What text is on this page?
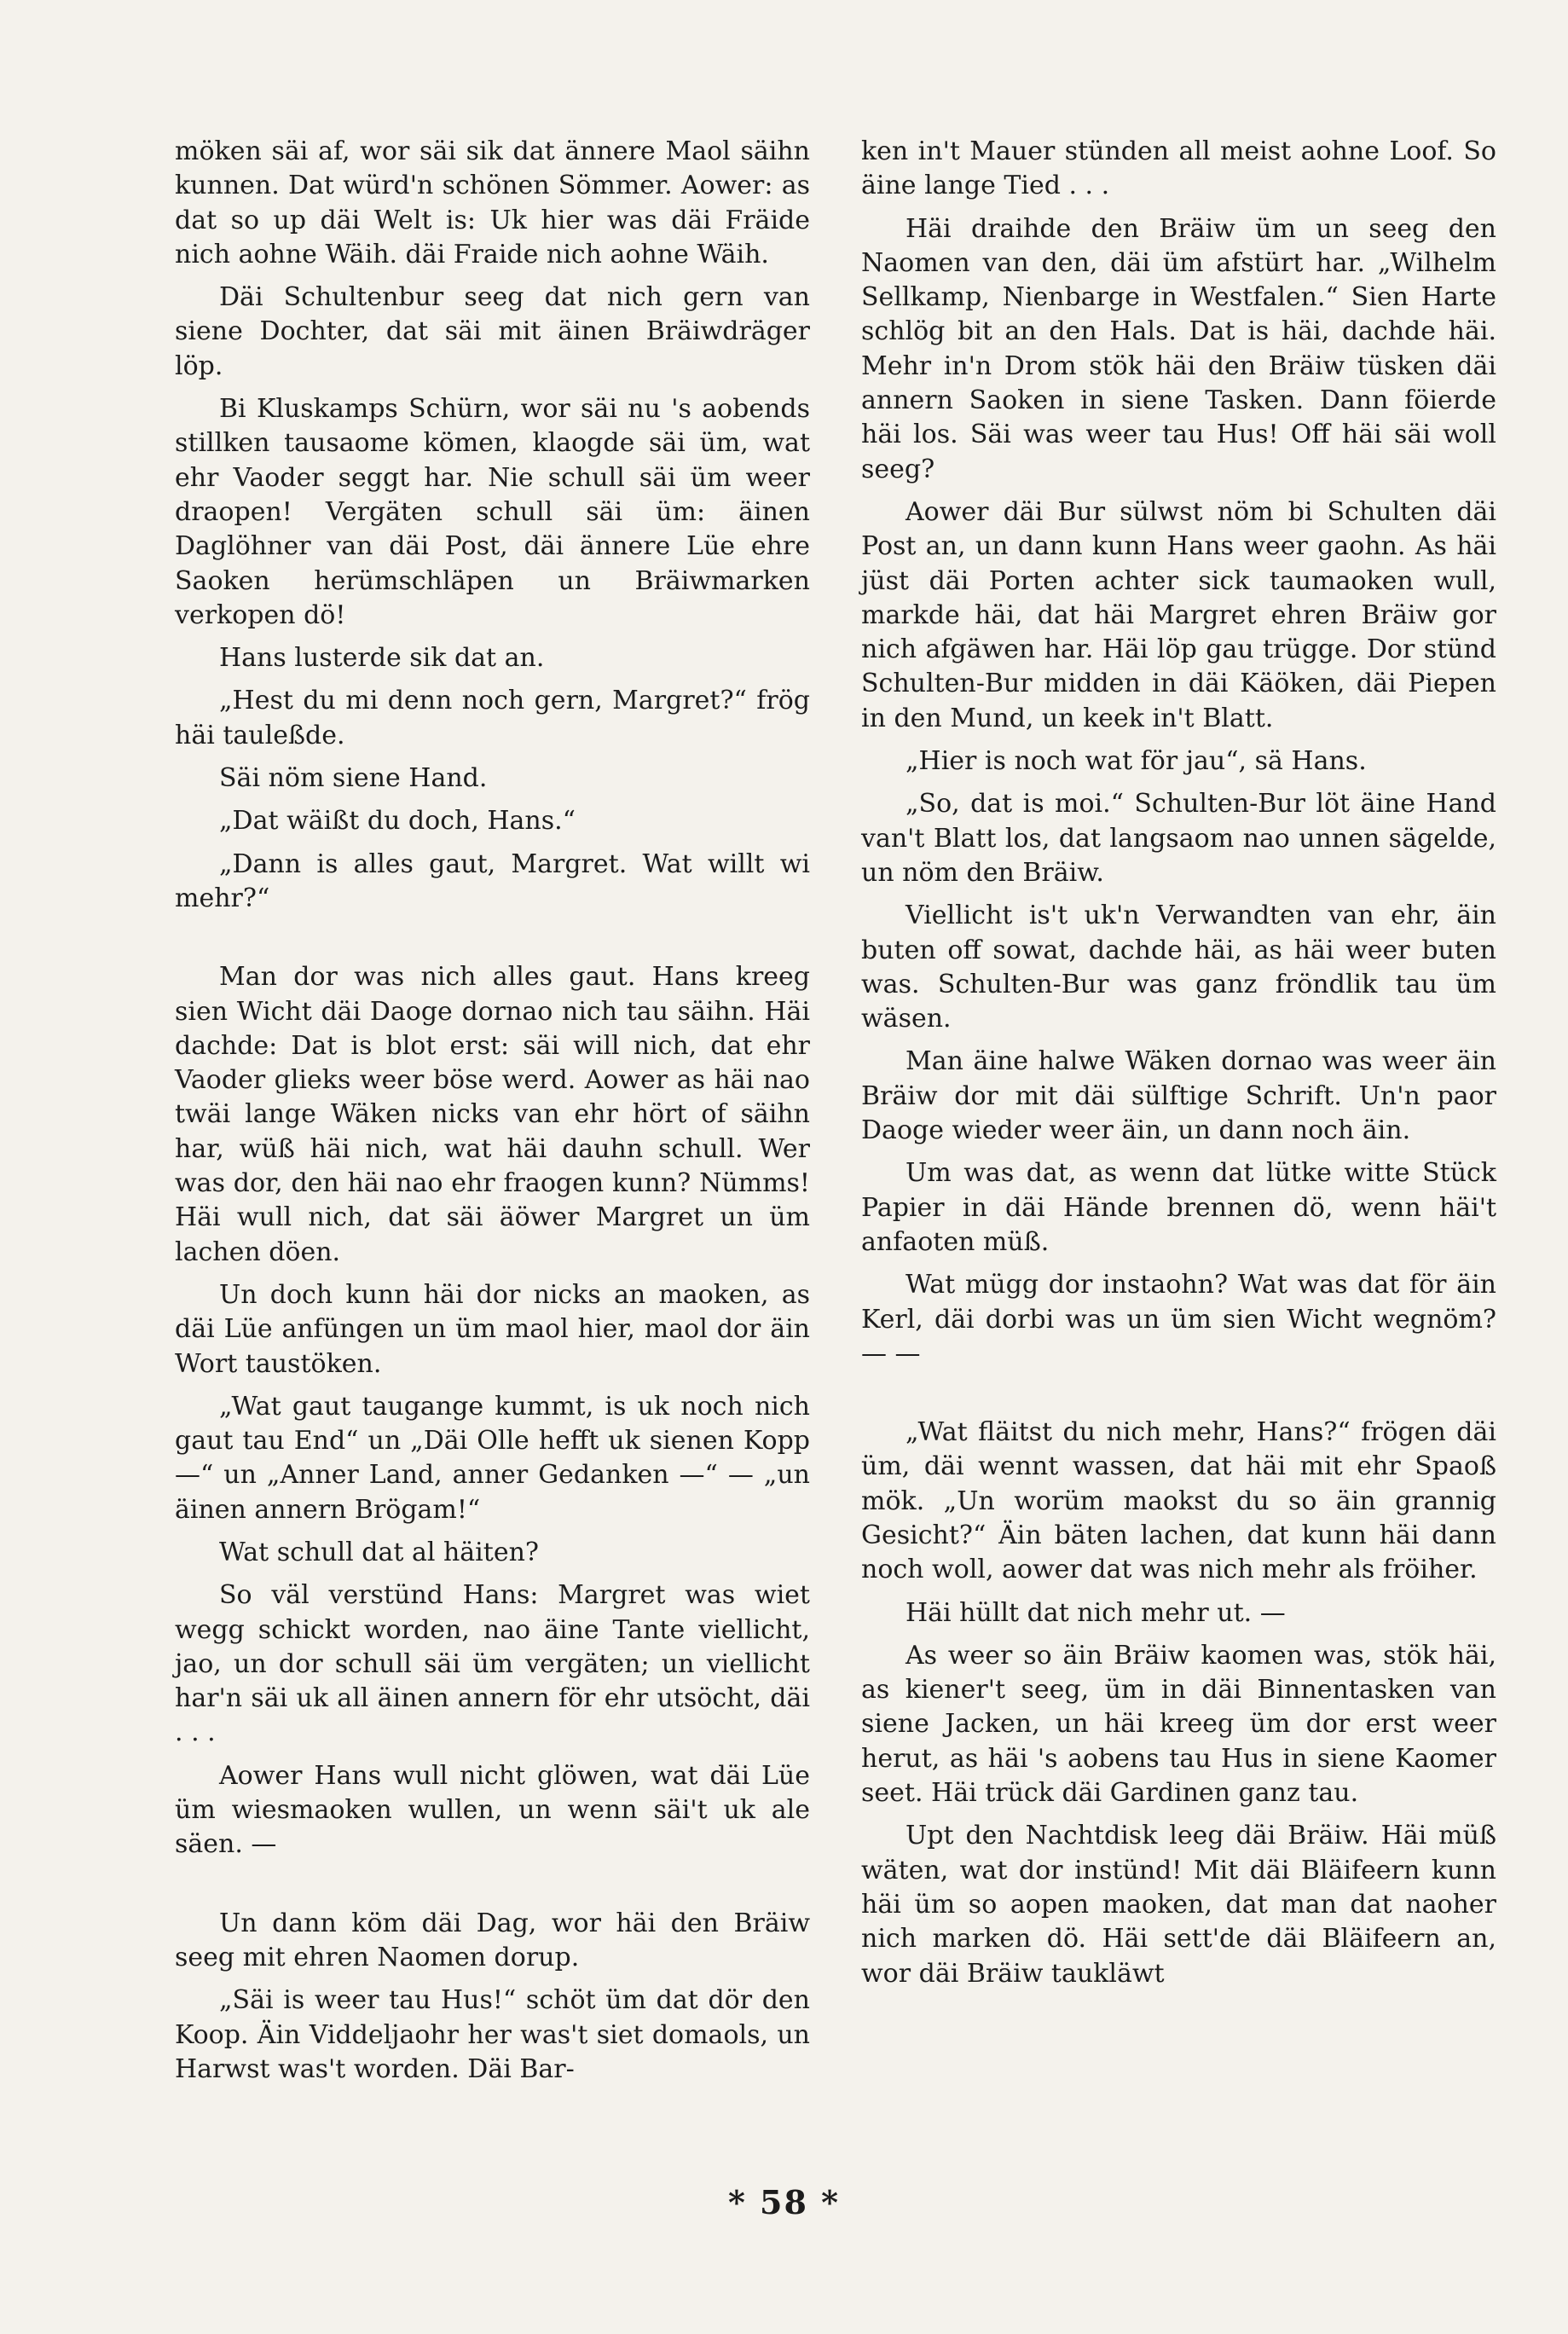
möken säi af, wor säi sik dat ännere Maol säihn kunnen. Dat würd'n schönen Sömmer. Aower: as dat so up däi Welt is: Uk hier was däi Fräide nich aohne Wäih. däi Fraide nich aohne Wäih.

Däi Schultenbur seeg dat nich gern van siene Dochter, dat säi mit äinen Bräiwdräger löp.

Bi Kluskamps Schürn, wor säi nu 's aobends stillken tausaome kömen, klaogde säi üm, wat ehr Vaoder seggt har. Nie schull säi üm weer draopen! Vergäten schull säi üm: äinen Daglöhner van däi Post, däi ännere Lüe ehre Saoken herümschläpen un Bräiwmarken verkopen dö!

Hans lusterde sik dat an.

„Hest du mi denn noch gern, Margret?“ frög häi tauleßde.

Säi nöm siene Hand.

„Dat wäißt du doch, Hans.“

„Dann is alles gaut, Margret. Wat willt wi mehr?“

Man dor was nich alles gaut. Hans kreeg sien Wicht däi Daoge dornao nich tau säihn. Häi dachde: Dat is blot erst: säi will nich, dat ehr Vaoder glieks weer böse werd. Aower as häi nao twäi lange Wäken nicks van ehr hört of säihn har, wüß häi nich, wat häi dauhn schull. Wer was dor, den häi nao ehr fraogen kunn? Nümms! Häi wull nich, dat säi äöwer Margret un üm lachen döen.

Un doch kunn häi dor nicks an maoken, as däi Lüe anfüngen un üm maol hier, maol dor äin Wort taustöken.

„Wat gaut taugange kummt, is uk noch nich gaut tau End“ un „Däi Olle hefft uk sienen Kopp —“ un „Anner Land, anner Gedanken —“ — „un äinen annern Brögam!“

Wat schull dat al häiten?

So väl verstünd Hans: Margret was wiet wegg schickt worden, nao äine Tante viellicht, jao, un dor schull säi üm vergäten; un viellicht har'n säi uk all äinen annern för ehr utsöcht, däi . . .

Aower Hans wull nicht glöwen, wat däi Lüe üm wiesmaoken wullen, un wenn säi't uk ale säen. —

Un dann köm däi Dag, wor häi den Bräiw seeg mit ehren Naomen dorup.

„Säi is weer tau Hus!“ schöt üm dat dör den Koop. Äin Viddeljaohr her was't siet domaols, un Harwst was't worden. Däi Bar-

ken in't Mauer stünden all meist aohne Loof. So äine lange Tied . . .

Häi draihde den Bräiw üm un seeg den Naomen van den, däi üm afstürt har. „Wilhelm Sellkamp, Nienbarge in Westfalen.“ Sien Harte schlög bit an den Hals. Dat is häi, dachde häi. Mehr in'n Drom stök häi den Bräiw tüsken däi annern Saoken in siene Tasken. Dann föierde häi los. Säi was weer tau Hus! Off häi säi woll seeg?

Aower däi Bur sülwst nöm bi Schulten däi Post an, un dann kunn Hans weer gaohn. As häi jüst däi Porten achter sick taumaoken wull, markde häi, dat häi Margret ehren Bräiw gor nich afgäwen har. Häi löp gau trügge. Dor stünd Schulten-Bur midden in däi Käöken, däi Piepen in den Mund, un keek in't Blatt.

„Hier is noch wat för jau“, sä Hans.

„So, dat is moi.“ Schulten-Bur löt äine Hand van't Blatt los, dat langsaom nao unnen sägelde, un nöm den Bräiw.

Viellicht is't uk'n Verwandten van ehr, äin buten off sowat, dachde häi, as häi weer buten was. Schulten-Bur was ganz fröndlik tau üm wäsen.

Man äine halwe Wäken dornao was weer äin Bräiw dor mit däi sülftige Schrift. Un'n paor Daoge wieder weer äin, un dann noch äin.

Um was dat, as wenn dat lütke witte Stück Papier in däi Hände brennen dö, wenn häi't anfaoten müß.

Wat mügg dor instaohn? Wat was dat för äin Kerl, däi dorbi was un üm sien Wicht wegnöm? — —

„Wat fläitst du nich mehr, Hans?“ frögen däi üm, däi wennt wassen, dat häi mit ehr Spaoß mök. „Un worüm maokst du so äin grannig Gesicht?“ Äin bäten lachen, dat kunn häi dann noch woll, aower dat was nich mehr als fröiher.

Häi hüllt dat nich mehr ut. —

As weer so äin Bräiw kaomen was, stök häi, as kiener't seeg, üm in däi Binnentasken van siene Jacken, un häi kreeg üm dor erst weer herut, as häi 's aobens tau Hus in siene Kaomer seet. Häi trück däi Gardinen ganz tau.

Upt den Nachtdisk leeg däi Bräiw. Häi müß wäten, wat dor instünd! Mit däi Bläifeern kunn häi üm so aopen maoken, dat man dat naoher nich marken dö. Häi sett'de däi Bläifeern an, wor däi Bräiw taukläwt

* 58 *
